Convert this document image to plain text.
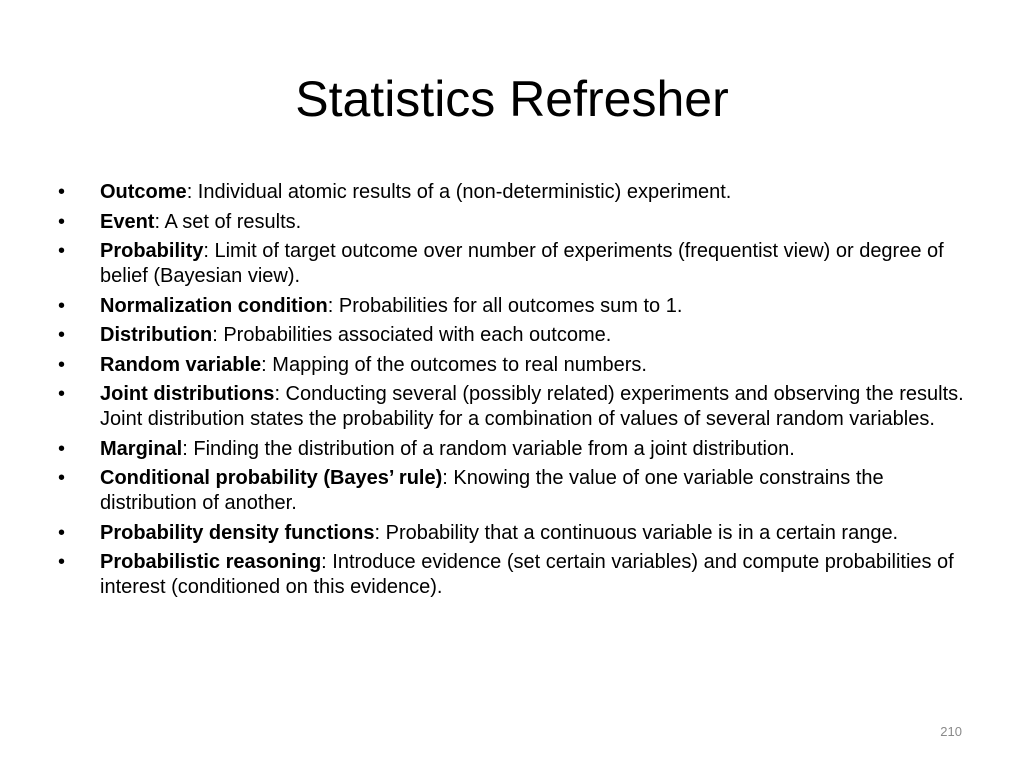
Statistics Refresher
• Outcome: Individual atomic results of a (non-deterministic) experiment.
• Event: A set of results.
• Probability: Limit of target outcome over number of experiments (frequentist view) or degree of belief (Bayesian view).
• Normalization condition: Probabilities for all outcomes sum to 1.
• Distribution: Probabilities associated with each outcome.
• Random variable: Mapping of the outcomes to real numbers.
• Joint distributions: Conducting several (possibly related) experiments and observing the results. Joint distribution states the probability for a combination of values of several random variables.
• Marginal: Finding the distribution of a random variable from a joint distribution.
• Conditional probability (Bayes’ rule): Knowing the value of one variable constrains the distribution of another.
• Probability density functions: Probability that a continuous variable is in a certain range.
• Probabilistic reasoning: Introduce evidence (set certain variables) and compute probabilities of interest (conditioned on this evidence).
210
